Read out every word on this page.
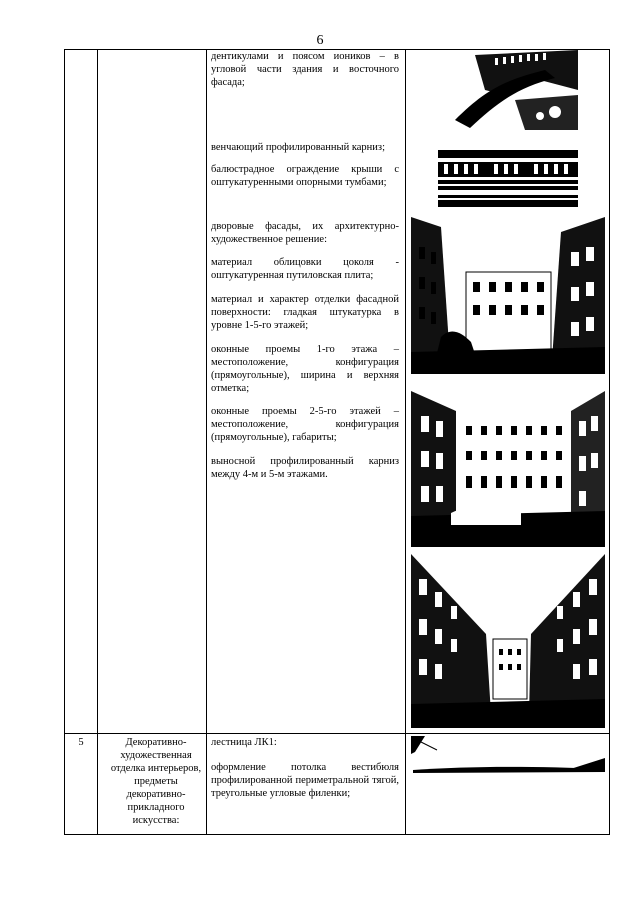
6
дентикулами и поясом иоников – в угловой части здания и восточного фасада;
венчающий профилированный карниз;
балюстрадное ограждение крыши с оштукатуренными опорными тумбами;
дворовые фасады, их архитектурно-художественное решение:
материал облицовки цоколя - оштукатуренная путиловская плита;
материал и характер отделки фасадной поверхности: гладкая штукатурка в уровне 1-5-го этажей;
оконные проемы 1-го этажа – местоположение, конфигурация (прямоугольные), ширина и верхняя отметка;
оконные проемы 2-5-го этажей – местоположение, конфигурация (прямоугольные), габариты;
выносной профилированный карниз между 4-м и 5-м этажами.
5	Декоративно-художественная отделка интерьеров, предметы декоративно-прикладного искусства:
лестница ЛК1:
оформление потолка вестибюля профилированной периметральной тягой, треугольные угловые филенки;
